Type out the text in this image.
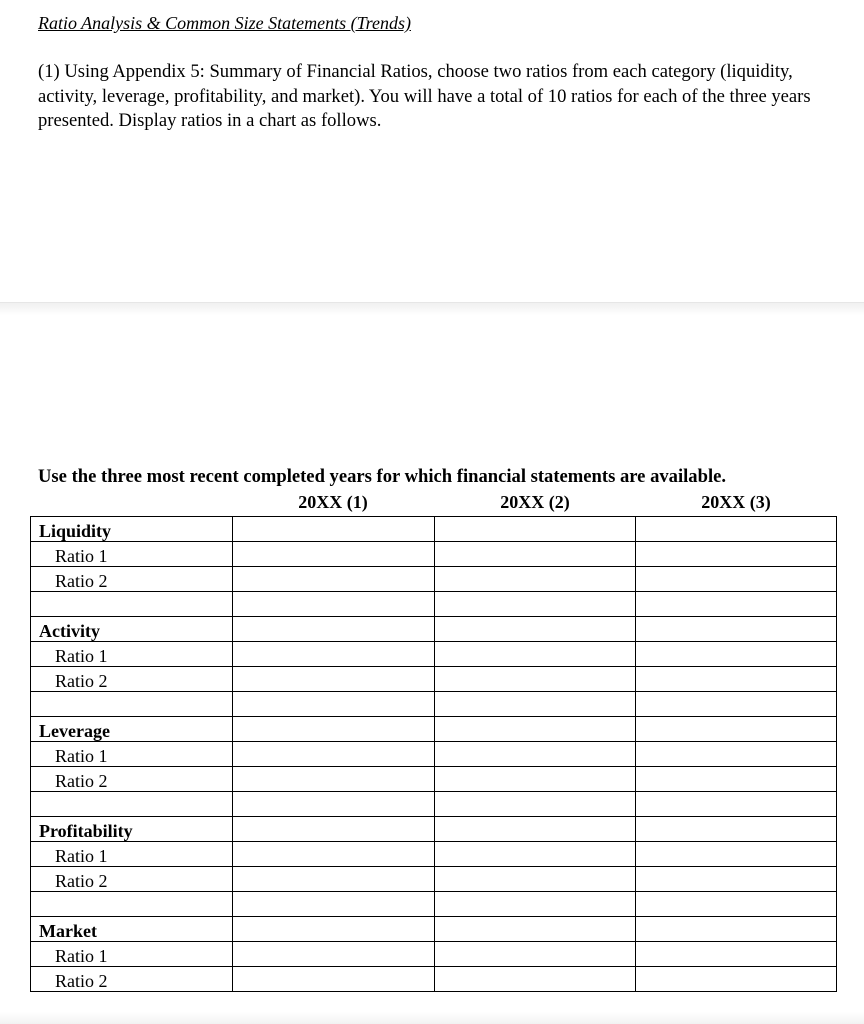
Ratio Analysis & Common Size Statements (Trends)
(1) Using Appendix 5: Summary of Financial Ratios, choose two ratios from each category (liquidity, activity, leverage, profitability, and market). You will have a total of 10 ratios for each of the three years presented. Display ratios in a chart as follows.
Use the three most recent completed years for which financial statements are available.
20XX (1)	20XX (2)	20XX (3)
Liquidity			
Ratio 1			
Ratio 2			

Activity			
Ratio 1			
Ratio 2			

Leverage			
Ratio 1			
Ratio 2			

Profitability			
Ratio 1			
Ratio 2			

Market			
Ratio 1			
Ratio 2			
